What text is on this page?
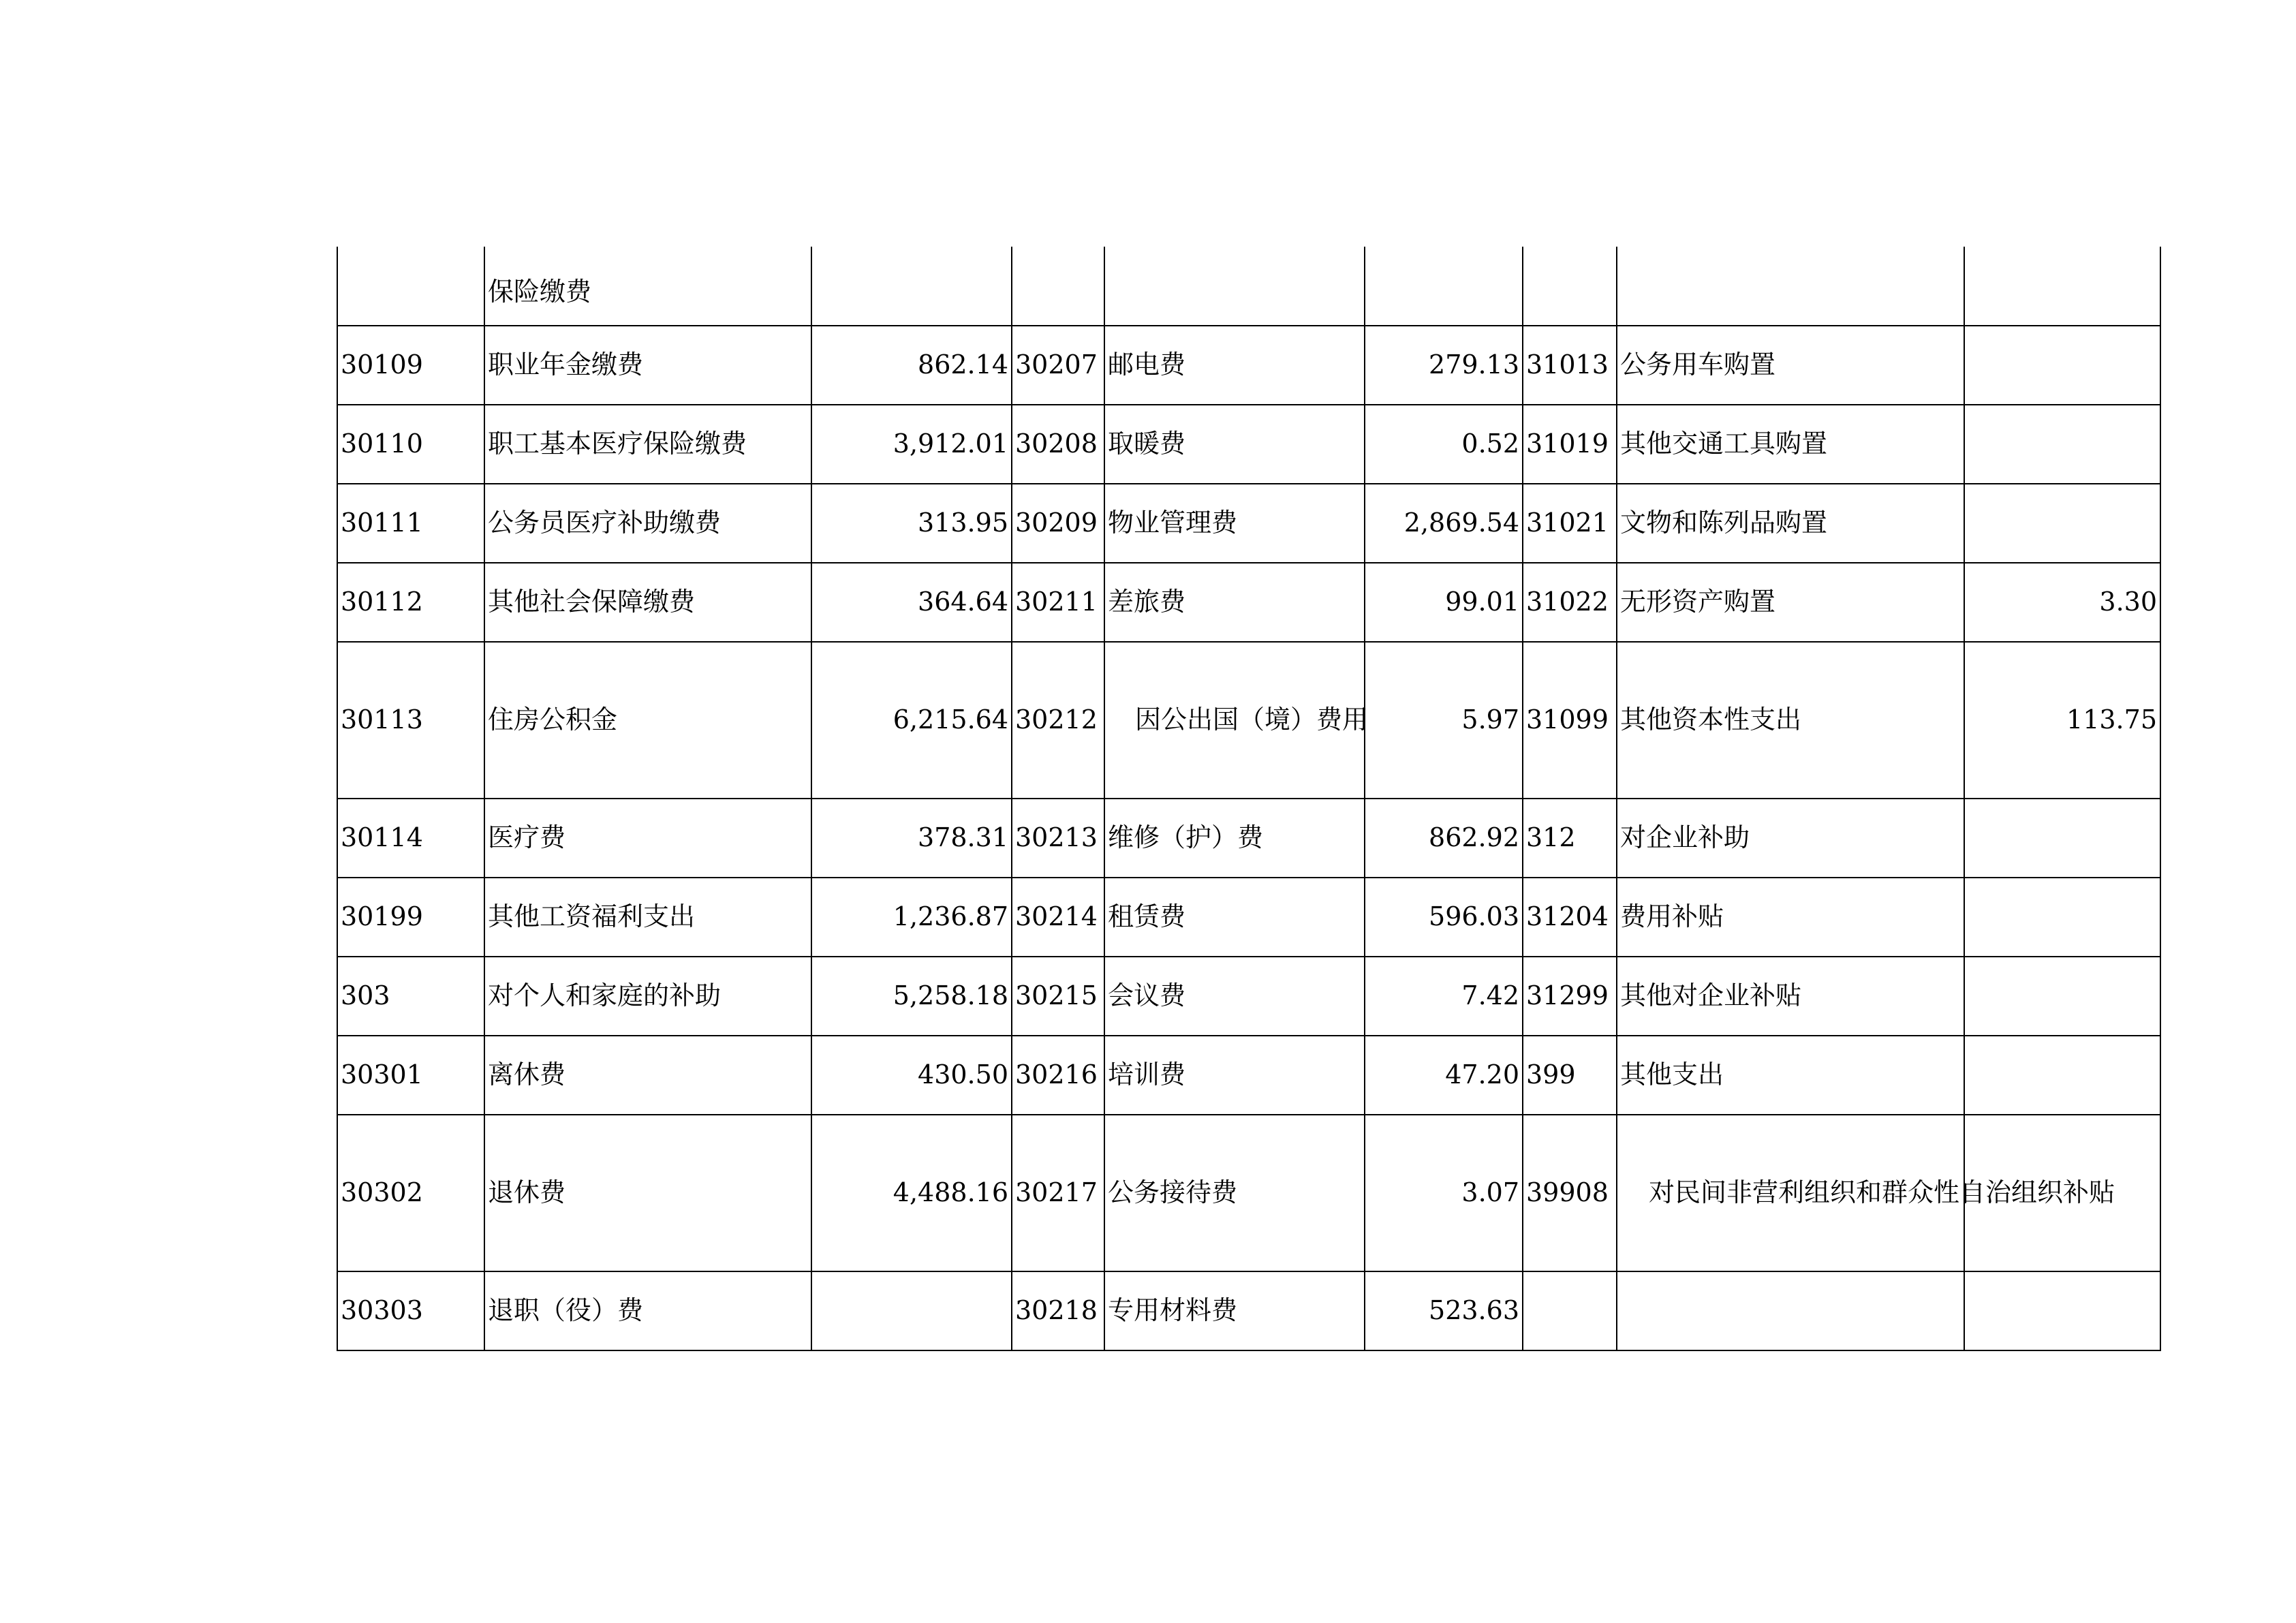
	保险缴费							
30109	职业年金缴费	862.14	30207	邮电费	279.13	31013	公务用车购置	
30110	职工基本医疗保险缴费	3,912.01	30208	取暖费	0.52	31019	其他交通工具购置	
30111	公务员医疗补助缴费	313.95	30209	物业管理费	2,869.54	31021	文物和陈列品购置	
30112	其他社会保障缴费	364.64	30211	差旅费	99.01	31022	无形资产购置	3.30
30113	住房公积金	6,215.64	30212	因公出国（境）费用	5.97	31099	其他资本性支出	113.75
30114	医疗费	378.31	30213	维修（护）费	862.92	312	对企业补助	
30199	其他工资福利支出	1,236.87	30214	租赁费	596.03	31204	费用补贴	
303	对个人和家庭的补助	5,258.18	30215	会议费	7.42	31299	其他对企业补贴	
30301	离休费	430.50	30216	培训费	47.20	399	其他支出	
30302	退休费	4,488.16	30217	公务接待费	3.07	39908	对民间非营利组织和群众性自治组织补贴	
30303	退职（役）费		30218	专用材料费	523.63			
